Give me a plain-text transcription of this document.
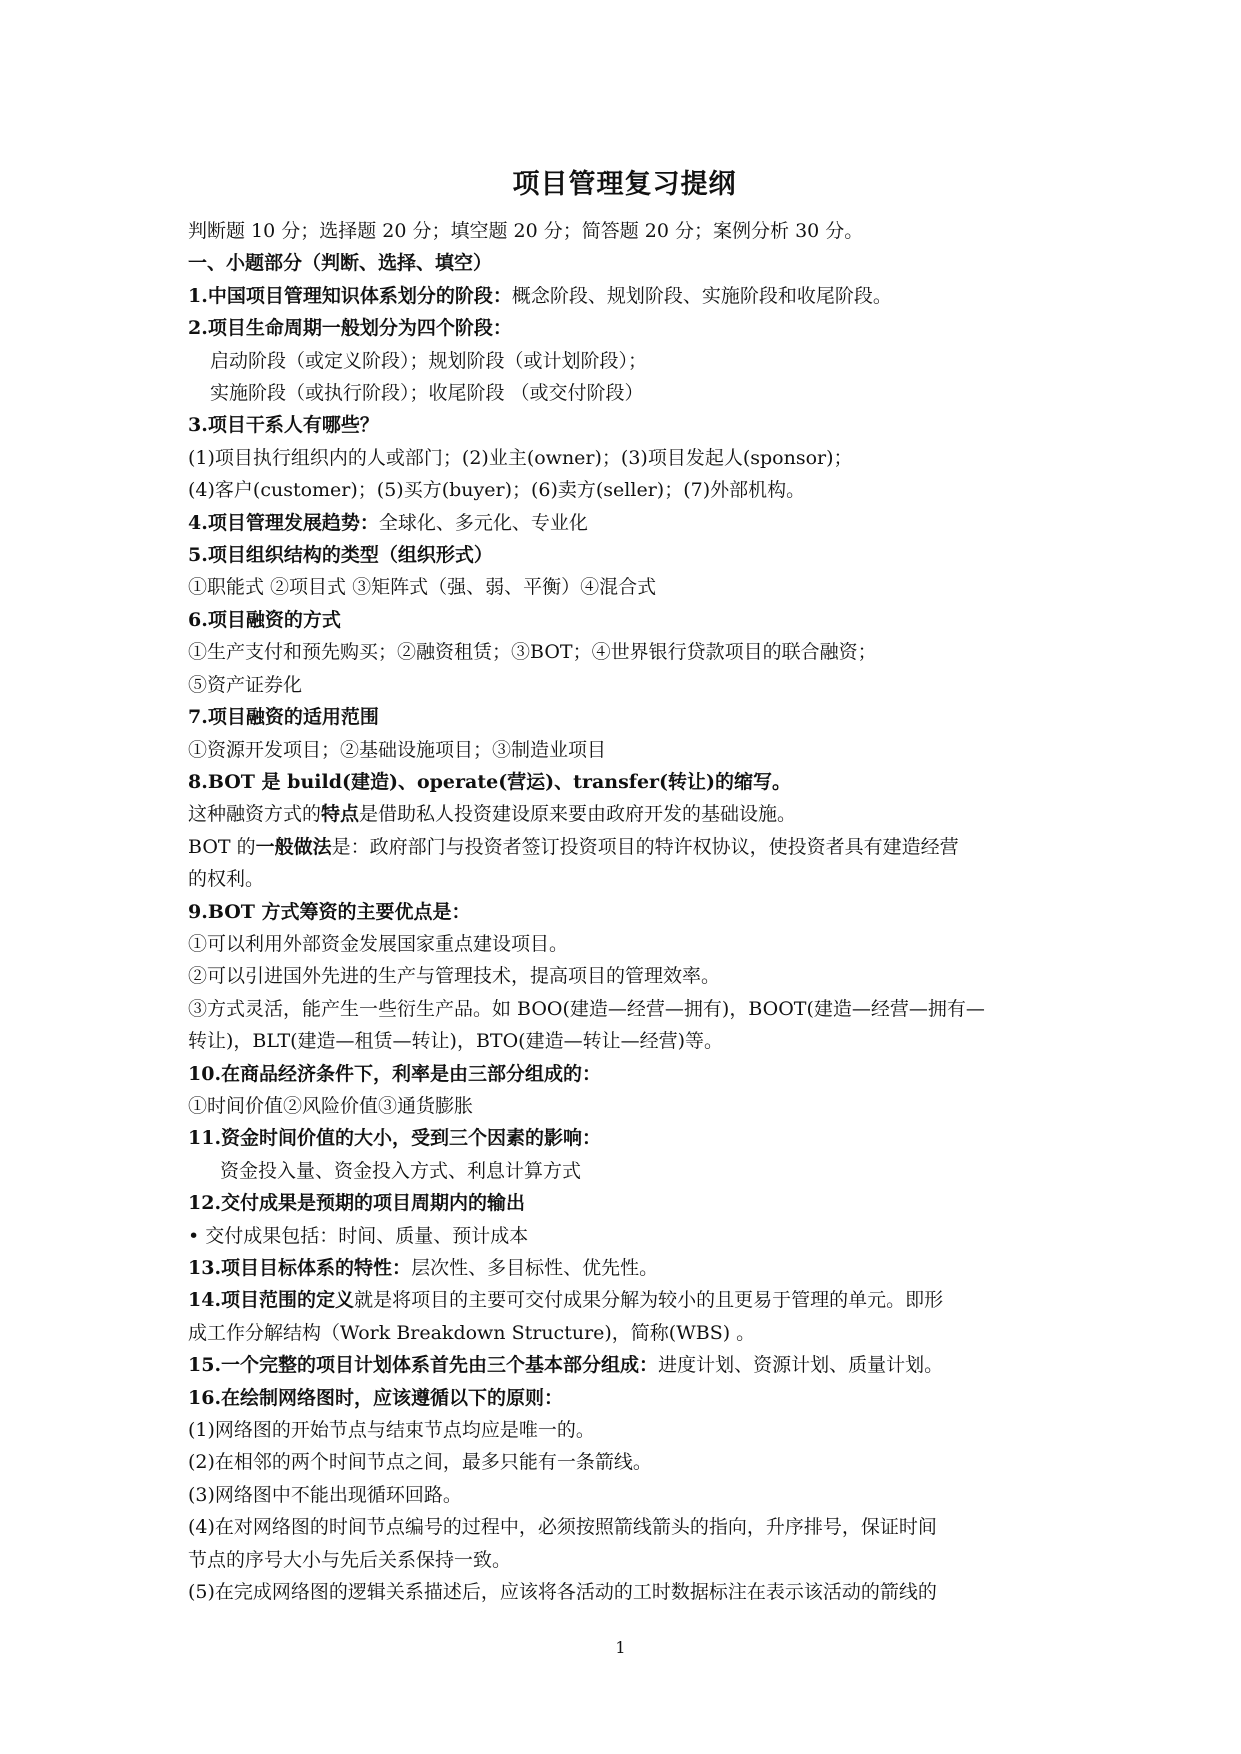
项目管理复习提纲

判断题 10 分；选择题 20 分；填空题 20 分；简答题 20 分；案例分析 30 分。

一、小题部分（判断、选择、填空）

1.中国项目管理知识体系划分的阶段：概念阶段、规划阶段、实施阶段和收尾阶段。

2.项目生命周期一般划分为四个阶段：

启动阶段（或定义阶段）；规划阶段（或计划阶段）；

实施阶段（或执行阶段）；收尾阶段 （或交付阶段）

3.项目干系人有哪些？

(1)项目执行组织内的人或部门；(2)业主(owner)；(3)项目发起人(sponsor)；

(4)客户(customer)；(5)买方(buyer)；(6)卖方(seller)；(7)外部机构。

4.项目管理发展趋势：全球化、多元化、专业化

5.项目组织结构的类型（组织形式）

①职能式 ②项目式 ③矩阵式（强、弱、平衡）④混合式

6.项目融资的方式

①生产支付和预先购买；②融资租赁；③BOT；④世界银行贷款项目的联合融资；

⑤资产证券化

7.项目融资的适用范围

①资源开发项目；②基础设施项目；③制造业项目

8.BOT 是 build(建造)、operate(营运)、transfer(转让)的缩写。

这种融资方式的特点是借助私人投资建设原来要由政府开发的基础设施。

BOT 的一般做法是：政府部门与投资者签订投资项目的特许权协议，使投资者具有建造经营

的权利。

9.BOT 方式筹资的主要优点是：

①可以利用外部资金发展国家重点建设项目。

②可以引进国外先进的生产与管理技术，提高项目的管理效率。

③方式灵活，能产生一些衍生产品。如 BOO(建造—经营—拥有)，BOOT(建造—经营—拥有—

转让)，BLT(建造—租赁—转让)，BTO(建造—转让—经营)等。

10.在商品经济条件下，利率是由三部分组成的：

①时间价值②风险价值③通货膨胀

11.资金时间价值的大小，受到三个因素的影响：

资金投入量、资金投入方式、利息计算方式

12.交付成果是预期的项目周期内的输出

• 交付成果包括：时间、质量、预计成本

13.项目目标体系的特性：层次性、多目标性、优先性。

14.项目范围的定义就是将项目的主要可交付成果分解为较小的且更易于管理的单元。即形

成工作分解结构（Work Breakdown Structure)，简称(WBS) 。

15.一个完整的项目计划体系首先由三个基本部分组成：进度计划、资源计划、质量计划。

16.在绘制网络图时，应该遵循以下的原则：

(1)网络图的开始节点与结束节点均应是唯一的。

(2)在相邻的两个时间节点之间，最多只能有一条箭线。

(3)网络图中不能出现循环回路。

(4)在对网络图的时间节点编号的过程中，必须按照箭线箭头的指向，升序排号，保证时间

节点的序号大小与先后关系保持一致。

(5)在完成网络图的逻辑关系描述后，应该将各活动的工时数据标注在表示该活动的箭线的

1
